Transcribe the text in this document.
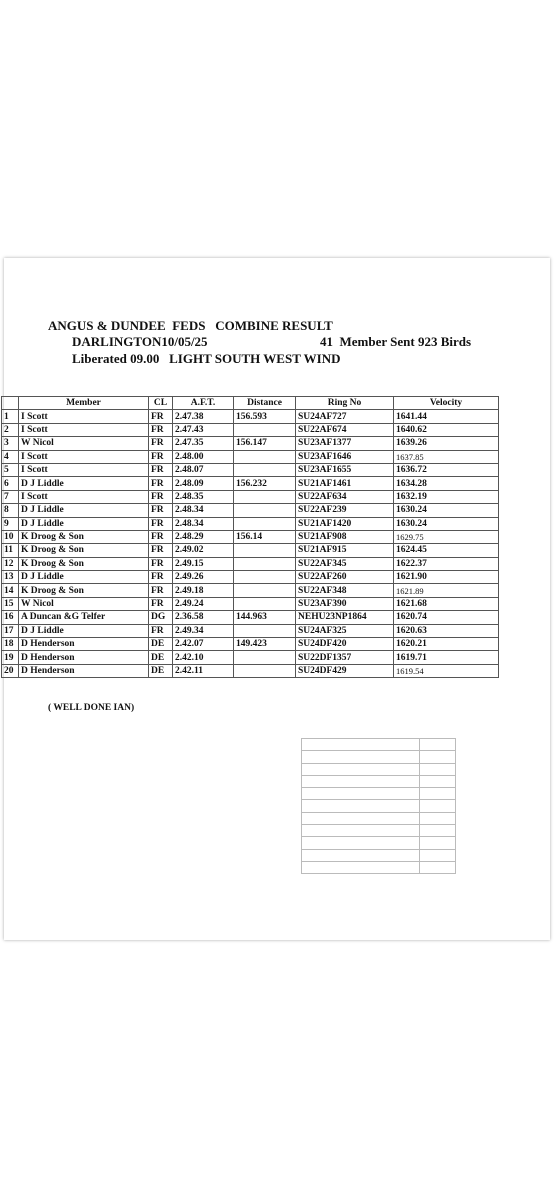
ANGUS & DUNDEE  FEDS   COMBINE RESULT
DARLINGTON10/05/25	41  Member Sent 923 Birds
Liberated 09.00   LIGHT SOUTH WEST WIND
	Member	CL	A.F.T.	Distance	Ring No	Velocity
1	I Scott	FR	2.47.38	156.593	SU24AF727	1641.44
2	I Scott	FR	2.47.43		SU22AF674	1640.62
3	W Nicol	FR	2.47.35	156.147	SU23AF1377	1639.26
4	I Scott	FR	2.48.00		SU23AF1646	1637.85
5	I Scott	FR	2.48.07		SU23AF1655	1636.72
6	D J Liddle	FR	2.48.09	156.232	SU21AF1461	1634.28
7	I Scott	FR	2.48.35		SU22AF634	1632.19
8	D J Liddle	FR	2.48.34		SU22AF239	1630.24
9	D J Liddle	FR	2.48.34		SU21AF1420	1630.24
10	K Droog & Son	FR	2.48.29	156.14	SU21AF908	1629.75
11	K Droog & Son	FR	2.49.02		SU21AF915	1624.45
12	K Droog & Son	FR	2.49.15		SU22AF345	1622.37
13	D J Liddle	FR	2.49.26		SU22AF260	1621.90
14	K Droog & Son	FR	2.49.18		SU22AF348	1621.89
15	W Nicol	FR	2.49.24		SU23AF390	1621.68
16	A Duncan &G Telfer	DG	2.36.58	144.963	NEHU23NP1864	1620.74
17	D J Liddle	FR	2.49.34		SU24AF325	1620.63
18	D Henderson	DE	2.42.07	149.423	SU24DF420	1620.21
19	D Henderson	DE	2.42.10		SU22DF1357	1619.71
20	D Henderson	DE	2.42.11		SU24DF429	1619.54
( WELL DONE IAN)
